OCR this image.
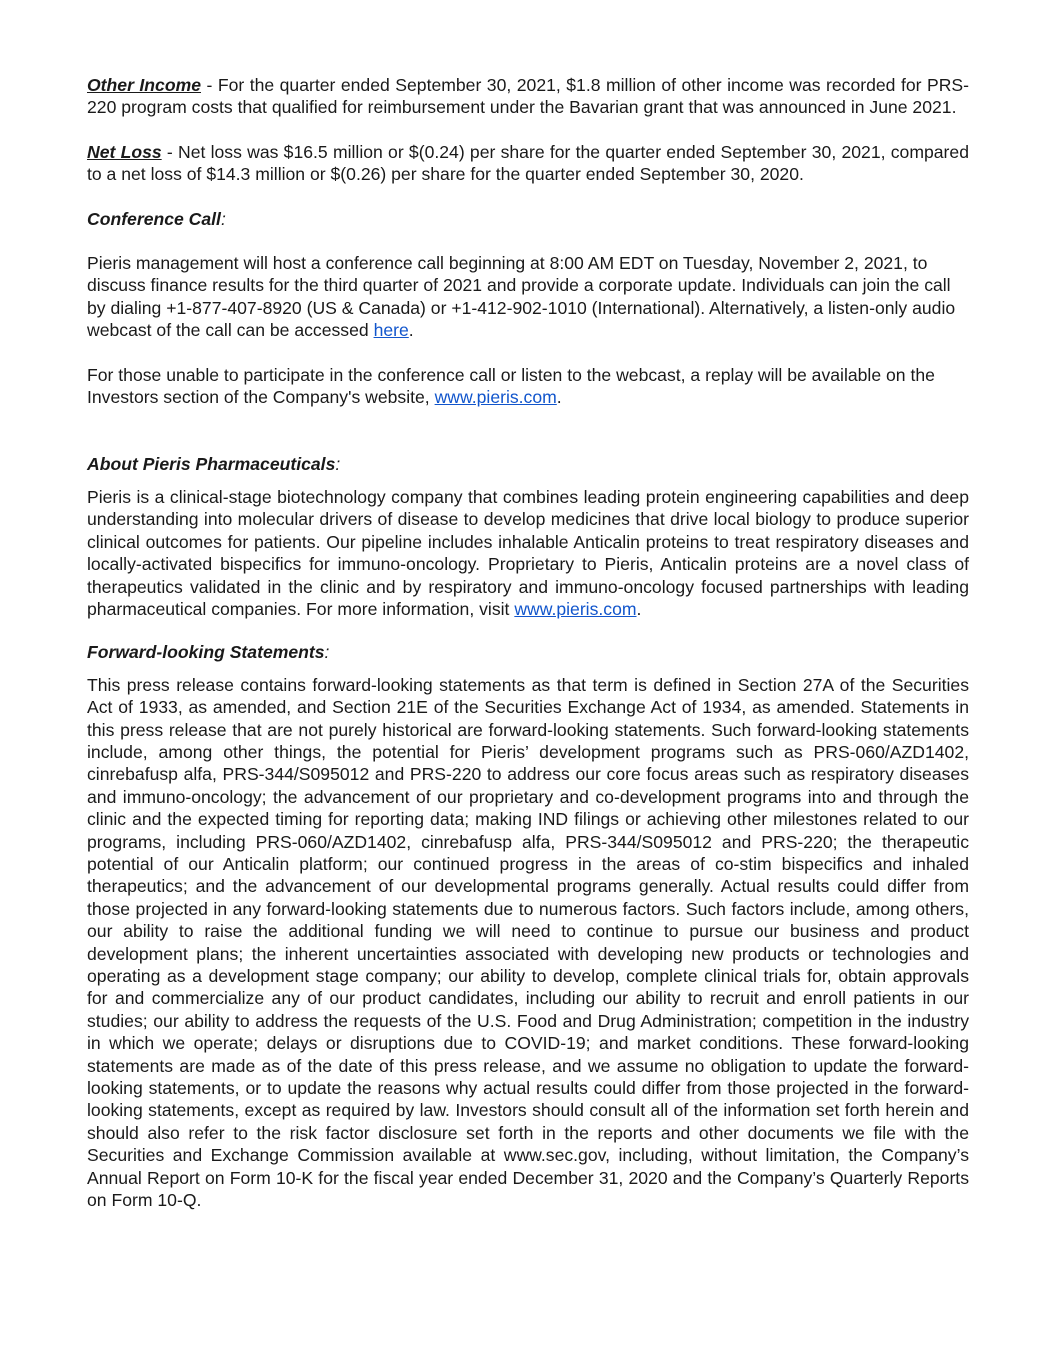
Other Income - For the quarter ended September 30, 2021, $1.8 million of other income was recorded for PRS-220 program costs that qualified for reimbursement under the Bavarian grant that was announced in June 2021.

Net Loss - Net loss was $16.5 million or $(0.24) per share for the quarter ended September 30, 2021, compared to a net loss of $14.3 million or $(0.26) per share for the quarter ended September 30, 2020.

Conference Call:

Pieris management will host a conference call beginning at 8:00 AM EDT on Tuesday, November 2, 2021, to discuss finance results for the third quarter of 2021 and provide a corporate update. Individuals can join the call by dialing +1-877-407-8920 (US & Canada) or +1-412-902-1010 (International). Alternatively, a listen-only audio webcast of the call can be accessed here.

For those unable to participate in the conference call or listen to the webcast, a replay will be available on the Investors section of the Company's website, www.pieris.com.

About Pieris Pharmaceuticals:

Pieris is a clinical-stage biotechnology company that combines leading protein engineering capabilities and deep understanding into molecular drivers of disease to develop medicines that drive local biology to produce superior clinical outcomes for patients. Our pipeline includes inhalable Anticalin proteins to treat respiratory diseases and locally-activated bispecifics for immuno-oncology. Proprietary to Pieris, Anticalin proteins are a novel class of therapeutics validated in the clinic and by respiratory and immuno-oncology focused partnerships with leading pharmaceutical companies. For more information, visit www.pieris.com.

Forward-looking Statements:

This press release contains forward-looking statements as that term is defined in Section 27A of the Securities Act of 1933, as amended, and Section 21E of the Securities Exchange Act of 1934, as amended. Statements in this press release that are not purely historical are forward-looking statements. Such forward-looking statements include, among other things, the potential for Pieris’ development programs such as PRS-060/AZD1402, cinrebafusp alfa, PRS-344/S095012 and PRS-220 to address our core focus areas such as respiratory diseases and immuno-oncology; the advancement of our proprietary and co-development programs into and through the clinic and the expected timing for reporting data; making IND filings or achieving other milestones related to our programs, including PRS-060/AZD1402, cinrebafusp alfa, PRS-344/S095012 and PRS-220; the therapeutic potential of our Anticalin platform; our continued progress in the areas of co-stim bispecifics and inhaled therapeutics; and the advancement of our developmental programs generally. Actual results could differ from those projected in any forward-looking statements due to numerous factors. Such factors include, among others, our ability to raise the additional funding we will need to continue to pursue our business and product development plans; the inherent uncertainties associated with developing new products or technologies and operating as a development stage company; our ability to develop, complete clinical trials for, obtain approvals for and commercialize any of our product candidates, including our ability to recruit and enroll patients in our studies; our ability to address the requests of the U.S. Food and Drug Administration; competition in the industry in which we operate; delays or disruptions due to COVID-19; and market conditions. These forward-looking statements are made as of the date of this press release, and we assume no obligation to update the forward-looking statements, or to update the reasons why actual results could differ from those projected in the forward-looking statements, except as required by law. Investors should consult all of the information set forth herein and should also refer to the risk factor disclosure set forth in the reports and other documents we file with the Securities and Exchange Commission available at www.sec.gov, including, without limitation, the Company’s Annual Report on Form 10-K for the fiscal year ended December 31, 2020 and the Company’s Quarterly Reports on Form 10-Q.
